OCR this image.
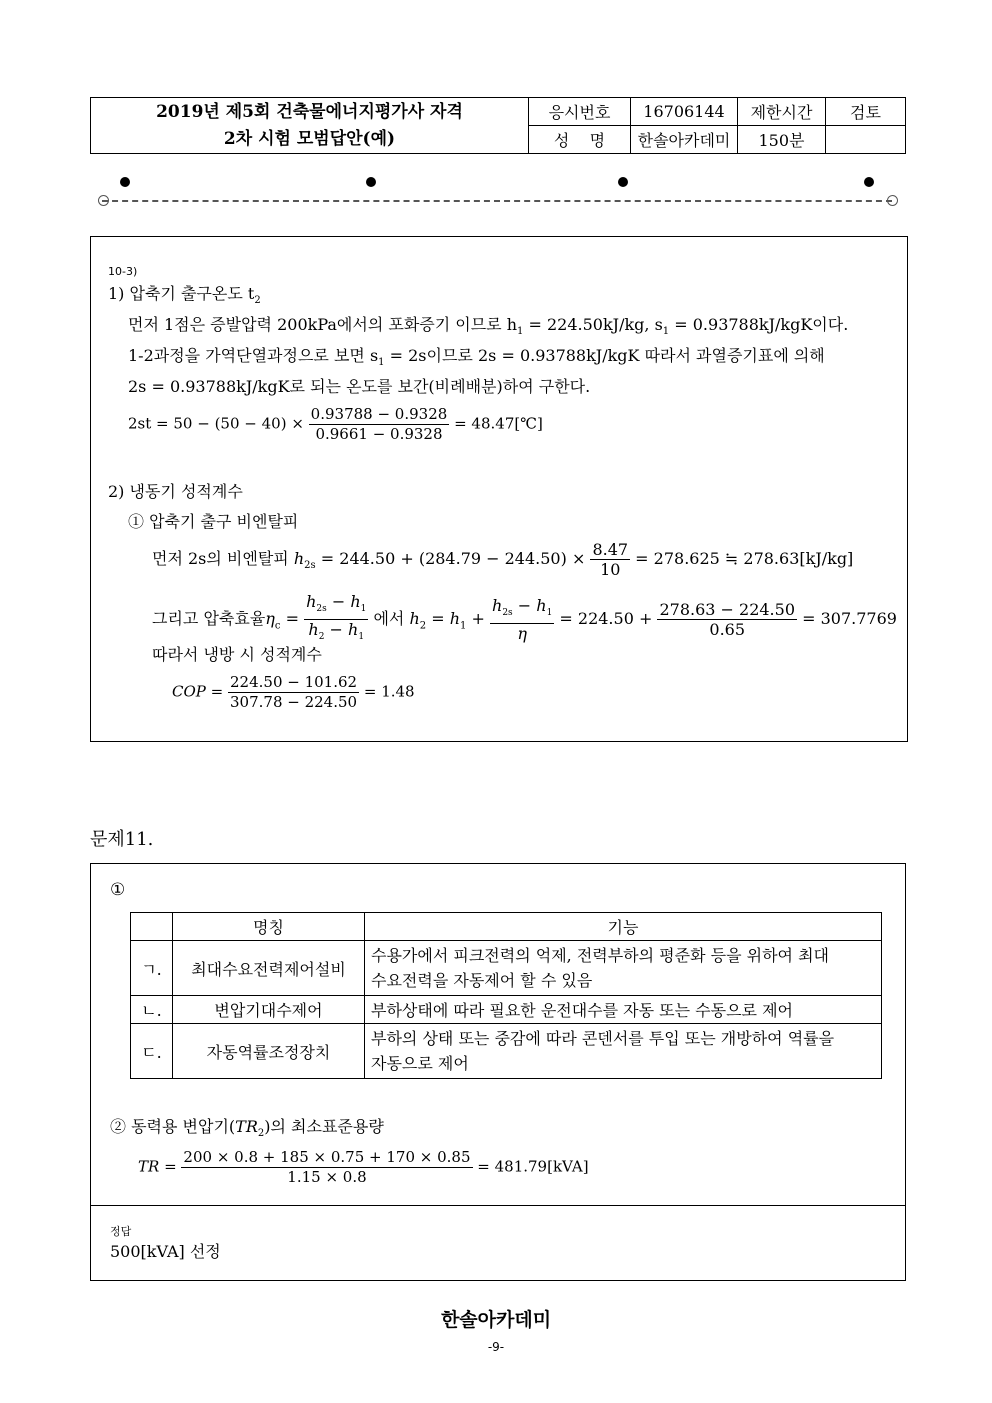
2019년 제5회 건축물에너지평가사 자격
2차 시험 모범답안(예)	응시번호	16706144	제한시간	검토
	성    명	한솔아카데미	150분	
10-3)
1) 압축기 출구온도 $t_2$
먼저 1점은 증발압력 200kPa에서의 포화증기 이므로 $h_1 = 224.50kJ/kg$, $s_1 = 0.93788kJ/kgK$이다.
1-2과정을 가역단열과정으로 보면 $s_1 = 2s$이므로 2s = 0.93788kJ/kgK 따라서 과열증기표에 의해
2s = 0.93788kJ/kgK로 되는 온도를 보간(비례배분)하여 구한다.
$2st = 50 - (50 - 40) \times \frac{0.93788 - 0.9328}{0.9661 - 0.9328}$ = 48.47[℃]
2) 냉동기 성적계수
① 압축기 출구 비엔탈피
먼저 2s의 비엔탈피 $h_{2s} = 244.50 + (284.79 - 244.50) \times \frac{8.47}{10} = 278.625$ ≒ 278.63[kJ/kg]
그리고 압축효율$\eta_c = \frac{h_{2s} - h_1}{h_2 - h_1}$ 에서 $h_2 = h_1 + \frac{h_{2s} - h_1}{\eta} = 224.50 + \frac{278.63 - 224.50}{0.65} = 307.7769$
따라서 냉방 시 성적계수
COP = $\frac{224.50 - 101.62}{307.78 - 224.50} = 1.48$
문제11.
①
	명칭	기능
ㄱ.	최대수요전력제어설비	수용가에서 피크전력의 억제, 전력부하의 평준화 등을 위하여 최대
수요전력을 자동제어 할 수 있음

ㄴ.	변압기대수제어	부하상태에 따라 필요한 운전대수를 자동 또는 수동으로 제어
ㄷ.	자동역률조정장치	부하의 상태 또는 중감에 따라 콘덴서를 투입 또는 개방하여 역률을
자동으로 제어
② 동력용 변압기$(TR_2)$의 최소표준용량
TR = $\frac{200 \times 0.8 + 185 \times 0.75 + 170 \times 0.85}{1.15 \times 0.8} = 481.79[kVA]$
정답
500[kVA] 선정
한솔아카데미
-9-
